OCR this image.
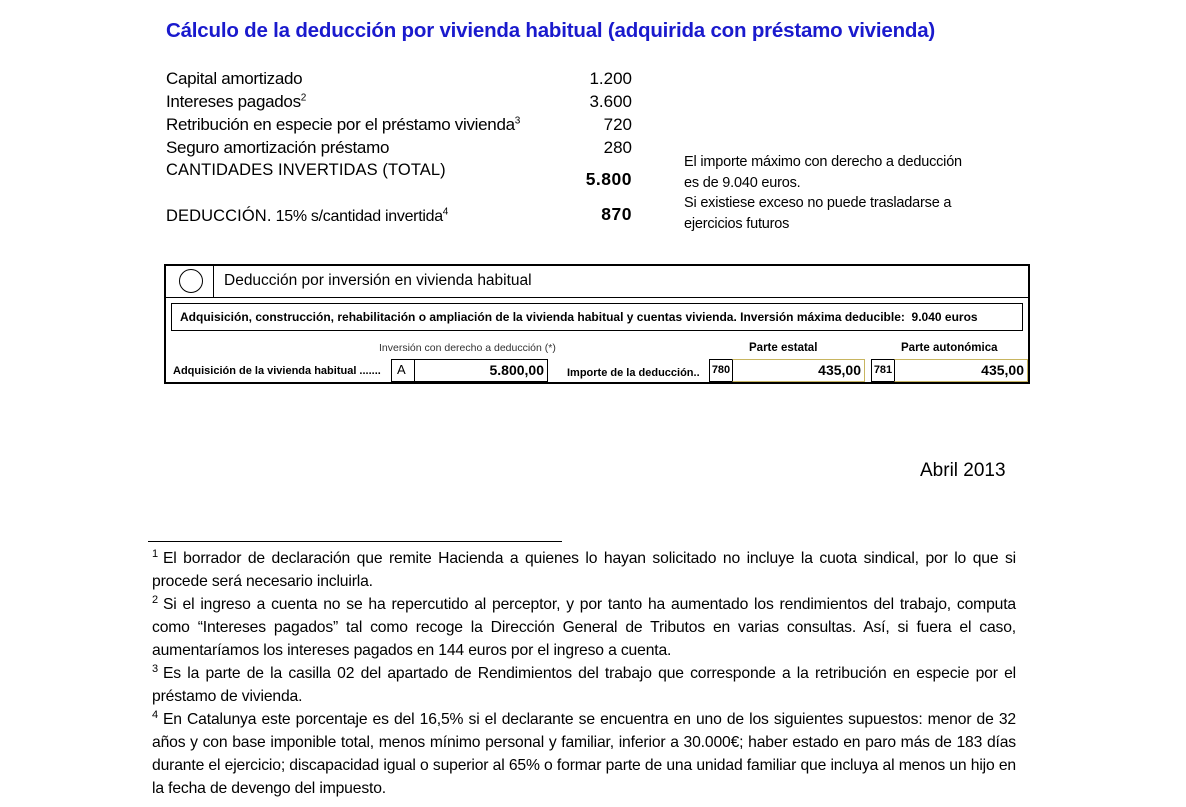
Cálculo de la deducción por vivienda habitual (adquirida con préstamo vivienda)
Capital amortizado	1.200
Intereses pagados$^2$	3.600
Retribución en especie por el préstamo vivienda$^3$	720
Seguro amortización préstamo	280
CANTIDADES INVERTIDAS (TOTAL)	5.800
DEDUCCIÓN. 15% s/cantidad invertida$^4$	870
El importe máximo con derecho a deducción
es de 9.040 euros.
Si existiese exceso no puede trasladarse a
ejercicios futuros
Deducción por inversión en vivienda habitual
Adquisición, construcción, rehabilitación o ampliación de la vivienda habitual y cuentas vivienda. Inversión máxima deducible: 9.040 euros
Inversión con derecho a deducción (*)	Parte estatal	Parte autonómica
Adquisición de la vivienda habitual .......	A	5.800,00	Importe de la deducción.. 780	435,00	781	435,00
Abril 2013

$^1$ El borrador de declaración que remite Hacienda a quienes lo hayan solicitado no incluye la cuota sindical, por lo que si procede será necesario incluirla.

$^2$ Si el ingreso a cuenta no se ha repercutido al perceptor, y por tanto ha aumentado los rendimientos del trabajo, computa como “Intereses pagados” tal como recoge la Dirección General de Tributos en varias consultas. Así, si fuera el caso, aumentaríamos los intereses pagados en 144 euros por el ingreso a cuenta.

$^3$ Es la parte de la casilla 02 del apartado de Rendimientos del trabajo que corresponde a la retribución en especie por el préstamo de vivienda.

$^4$ En Catalunya este porcentaje es del 16,5% si el declarante se encuentra en uno de los siguientes supuestos: menor de 32 años y con base imponible total, menos mínimo personal y familiar, inferior a 30.000€; haber estado en paro más de 183 días durante el ejercicio; discapacidad igual o superior al 65% o formar parte de una unidad familiar que incluya al menos un hijo en la fecha de devengo del impuesto.
